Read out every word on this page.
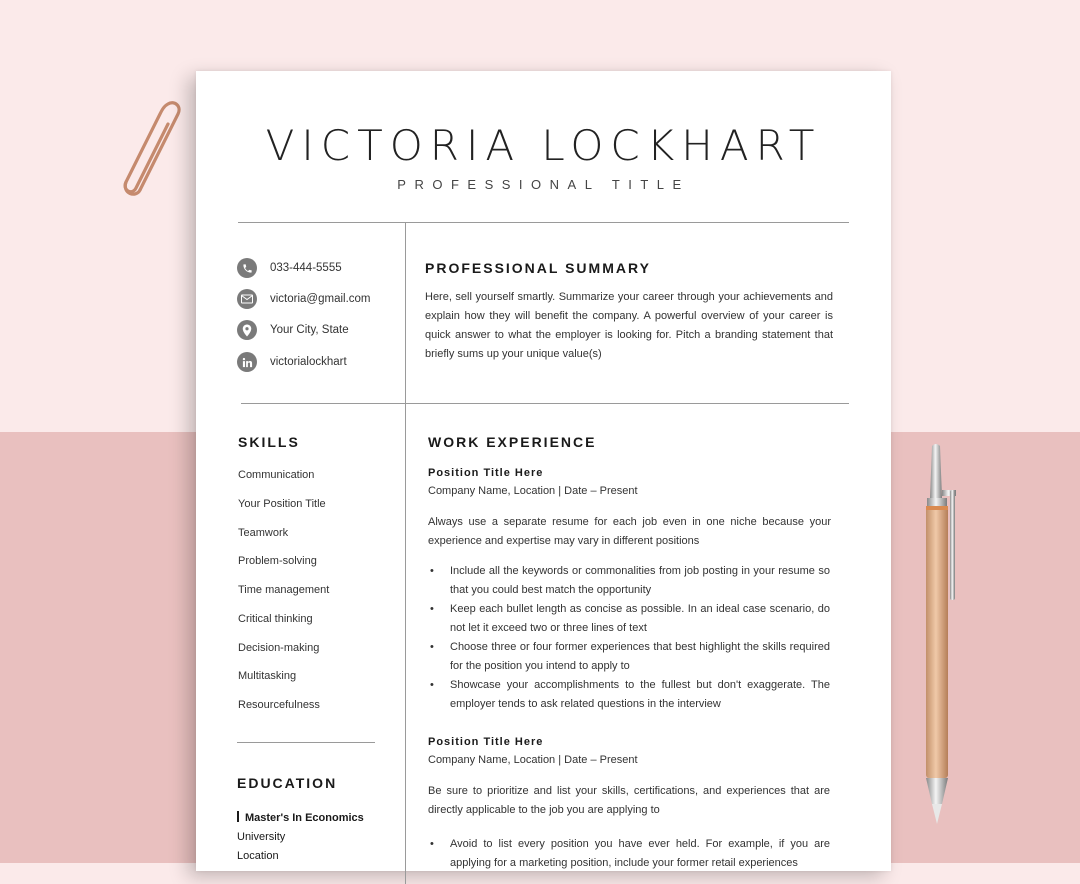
VICTORIA LOCKHART
PROFESSIONAL TITLE
033-444-5555
victoria@gmail.com
Your City, State
victorialockhart
PROFESSIONAL SUMMARY
Here, sell yourself smartly. Summarize your career through your achievements and explain how they will benefit the company. A powerful overview of your career is quick answer to what the employer is looking for. Pitch a branding statement that briefly sums up your unique value(s)
SKILLS
Communication
Your Position Title
Teamwork
Problem-solving
Time management
Critical thinking
Decision-making
Multitasking
Resourcefulness
EDUCATION
Master's In Economics
University
Location
WORK EXPERIENCE
Position Title Here
Company Name, Location | Date – Present
Always use a separate resume for each job even in one niche because your experience and expertise may vary in different positions
• Include all the keywords or commonalities from job posting in your resume so that you could best match the opportunity
• Keep each bullet length as concise as possible. In an ideal case scenario, do not let it exceed two or three lines of text
• Choose three or four former experiences that best highlight the skills required for the position you intend to apply to
• Showcase your accomplishments to the fullest but don't exaggerate. The employer tends to ask related questions in the interview
Position Title Here
Company Name, Location | Date – Present
Be sure to prioritize and list your skills, certifications, and experiences that are directly applicable to the job you are applying to
• Avoid to list every position you have ever held. For example, if you are applying for a marketing position, include your former retail experiences
